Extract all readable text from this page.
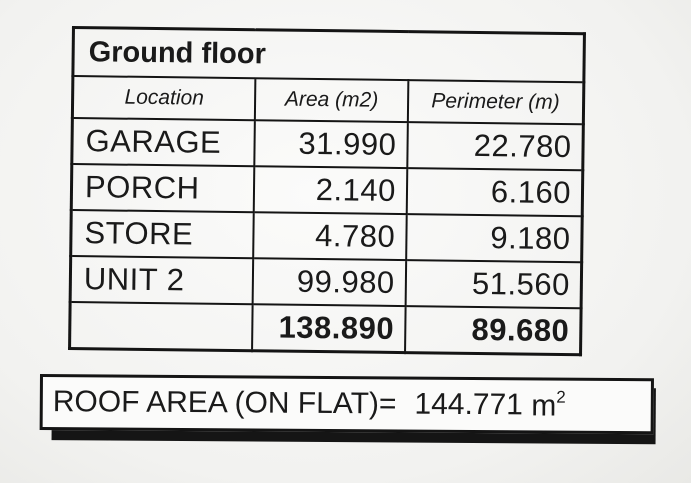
Ground floor		
Location	Area (m2)	Perimeter (m)
GARAGE	31.990	22.780
PORCH	2.140	6.160
STORE	4.780	9.180
UNIT 2	99.980	51.560
	138.890	89.680
ROOF AREA (ON FLAT)= 144.771 $m^2$
